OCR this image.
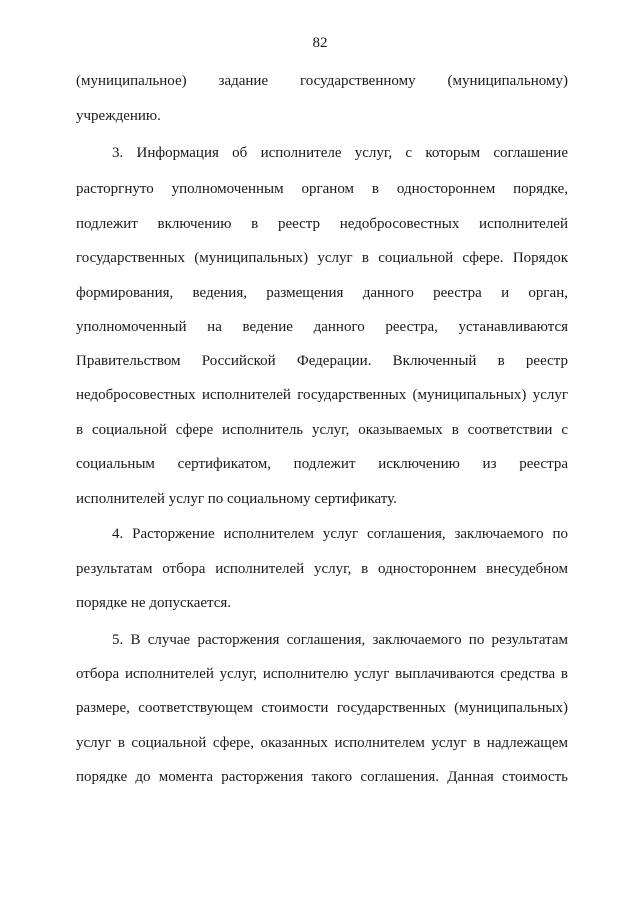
82
(муниципальное) задание государственному (муниципальному)
учреждению.
3. Информация об исполнителе услуг, с которым соглашение
расторгнуто уполномоченным органом в одностороннем порядке,
подлежит включению в реестр недобросовестных исполнителей
государственных (муниципальных) услуг в социальной сфере. Порядок
формирования, ведения, размещения данного реестра и орган,
уполномоченный на ведение данного реестра, устанавливаются
Правительством Российской Федерации. Включенный в реестр
недобросовестных исполнителей государственных (муниципальных) услуг
в социальной сфере исполнитель услуг, оказываемых в соответствии с
социальным сертификатом, подлежит исключению из реестра
исполнителей услуг по социальному сертификату.
4. Расторжение исполнителем услуг соглашения, заключаемого по
результатам отбора исполнителей услуг, в одностороннем внесудебном
порядке не допускается.
5. В случае расторжения соглашения, заключаемого по результатам
отбора исполнителей услуг, исполнителю услуг выплачиваются средства в
размере, соответствующем стоимости государственных (муниципальных)
услуг в социальной сфере, оказанных исполнителем услуг в надлежащем
порядке до момента расторжения такого соглашения. Данная стоимость
